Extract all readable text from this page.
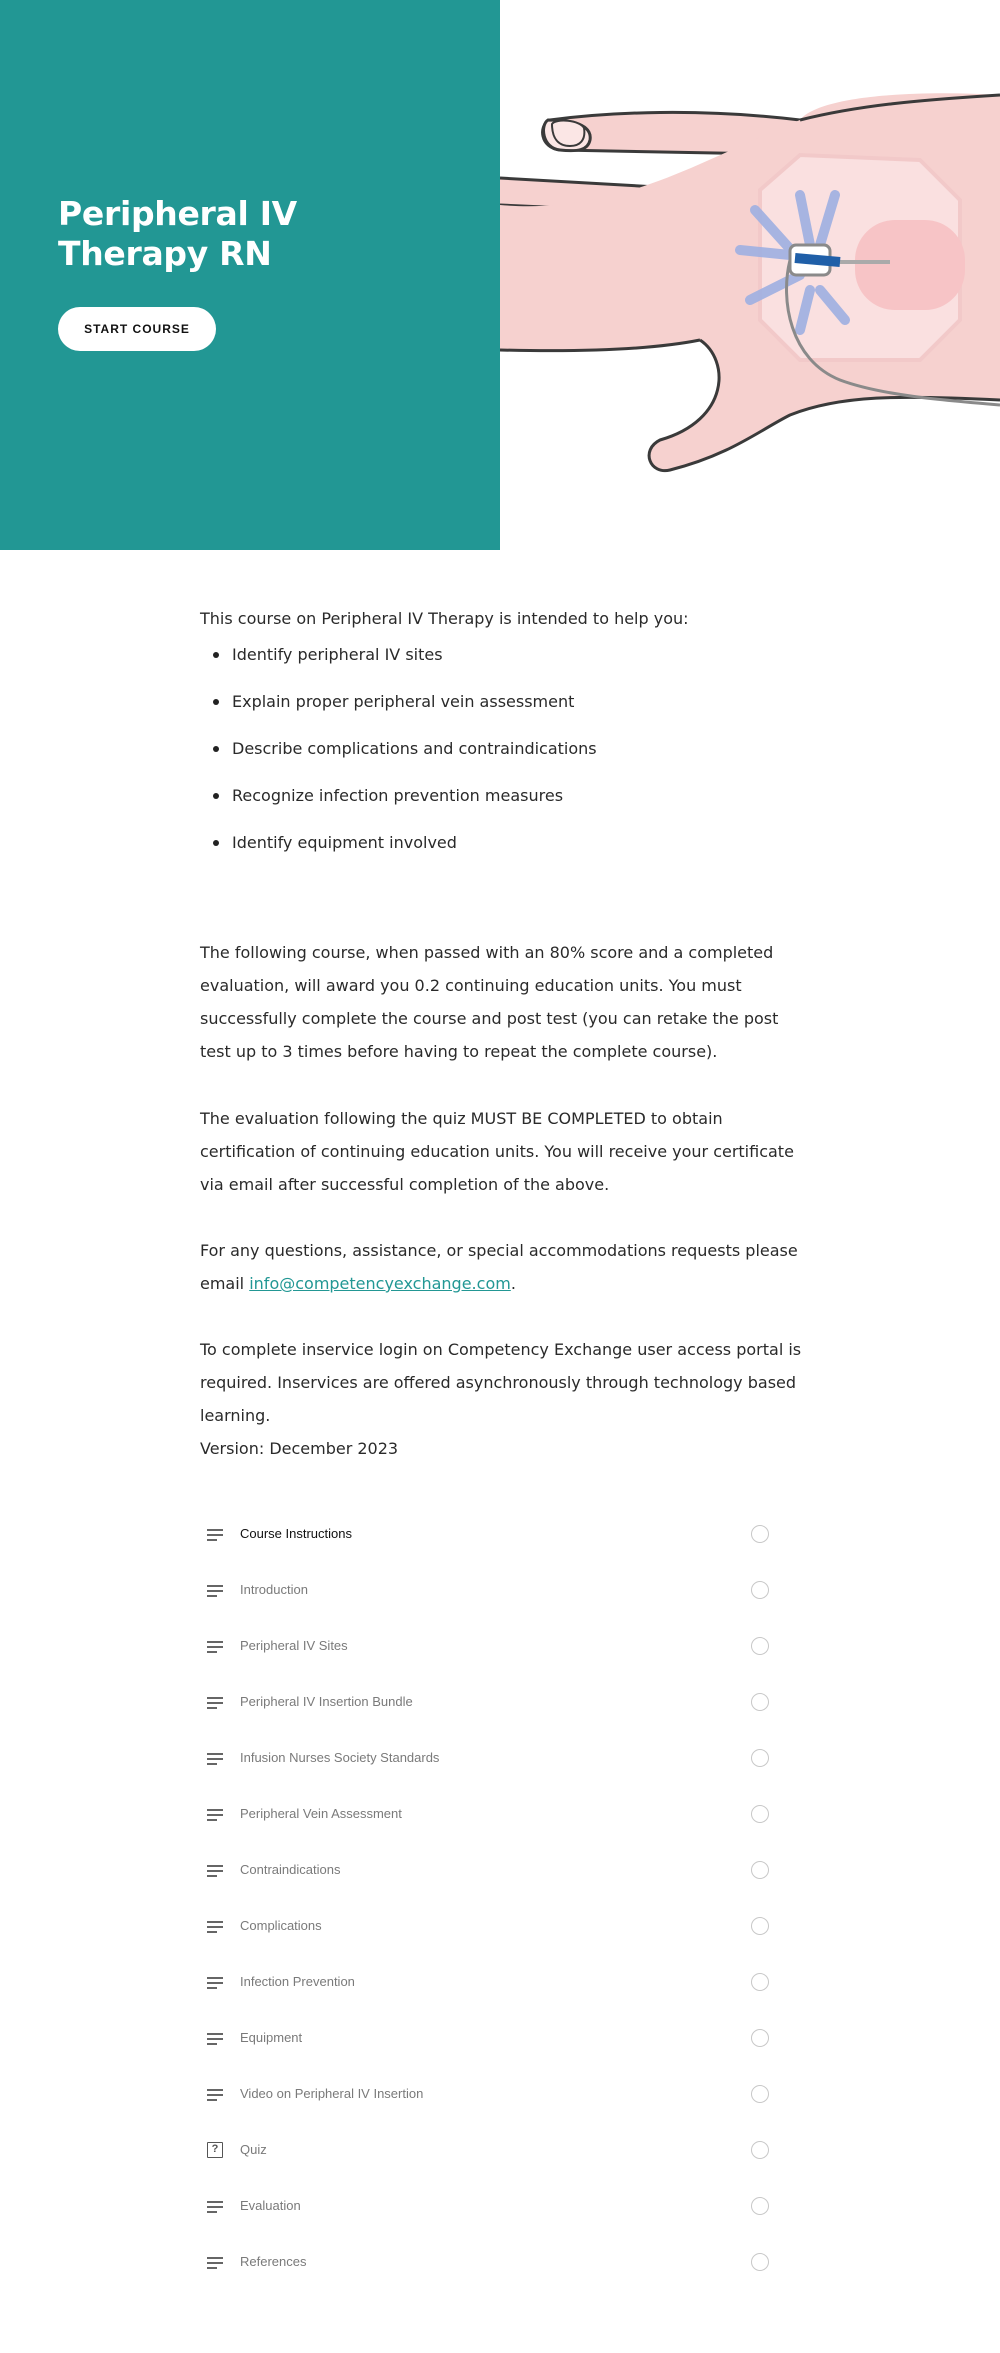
Peripheral IV Therapy RN
START COURSE

This course on Peripheral IV Therapy is intended to help you:

Identify peripheral IV sites
Explain proper peripheral vein assessment
Describe complications and contraindications
Recognize infection prevention measures
Identify equipment involved

The following course, when passed with an 80% score and a completed evaluation, will award you 0.2 continuing education units. You must successfully complete the course and post test (you can retake the post test up to 3 times before having to repeat the complete course).

The evaluation following the quiz MUST BE COMPLETED to obtain certification of continuing education units. You will receive your certificate via email after successful completion of the above.

For any questions, assistance, or special accommodations requests please email info@competencyexchange.com.

To complete inservice login on Competency Exchange user access portal is required. Inservices are offered asynchronously through technology based learning.
Version: December 2023

Course Instructions
Introduction
Peripheral IV Sites
Peripheral IV Insertion Bundle
Infusion Nurses Society Standards
Peripheral Vein Assessment
Contraindications
Complications
Infection Prevention
Equipment
Video on Peripheral IV Insertion
?	Quiz
Evaluation
References
